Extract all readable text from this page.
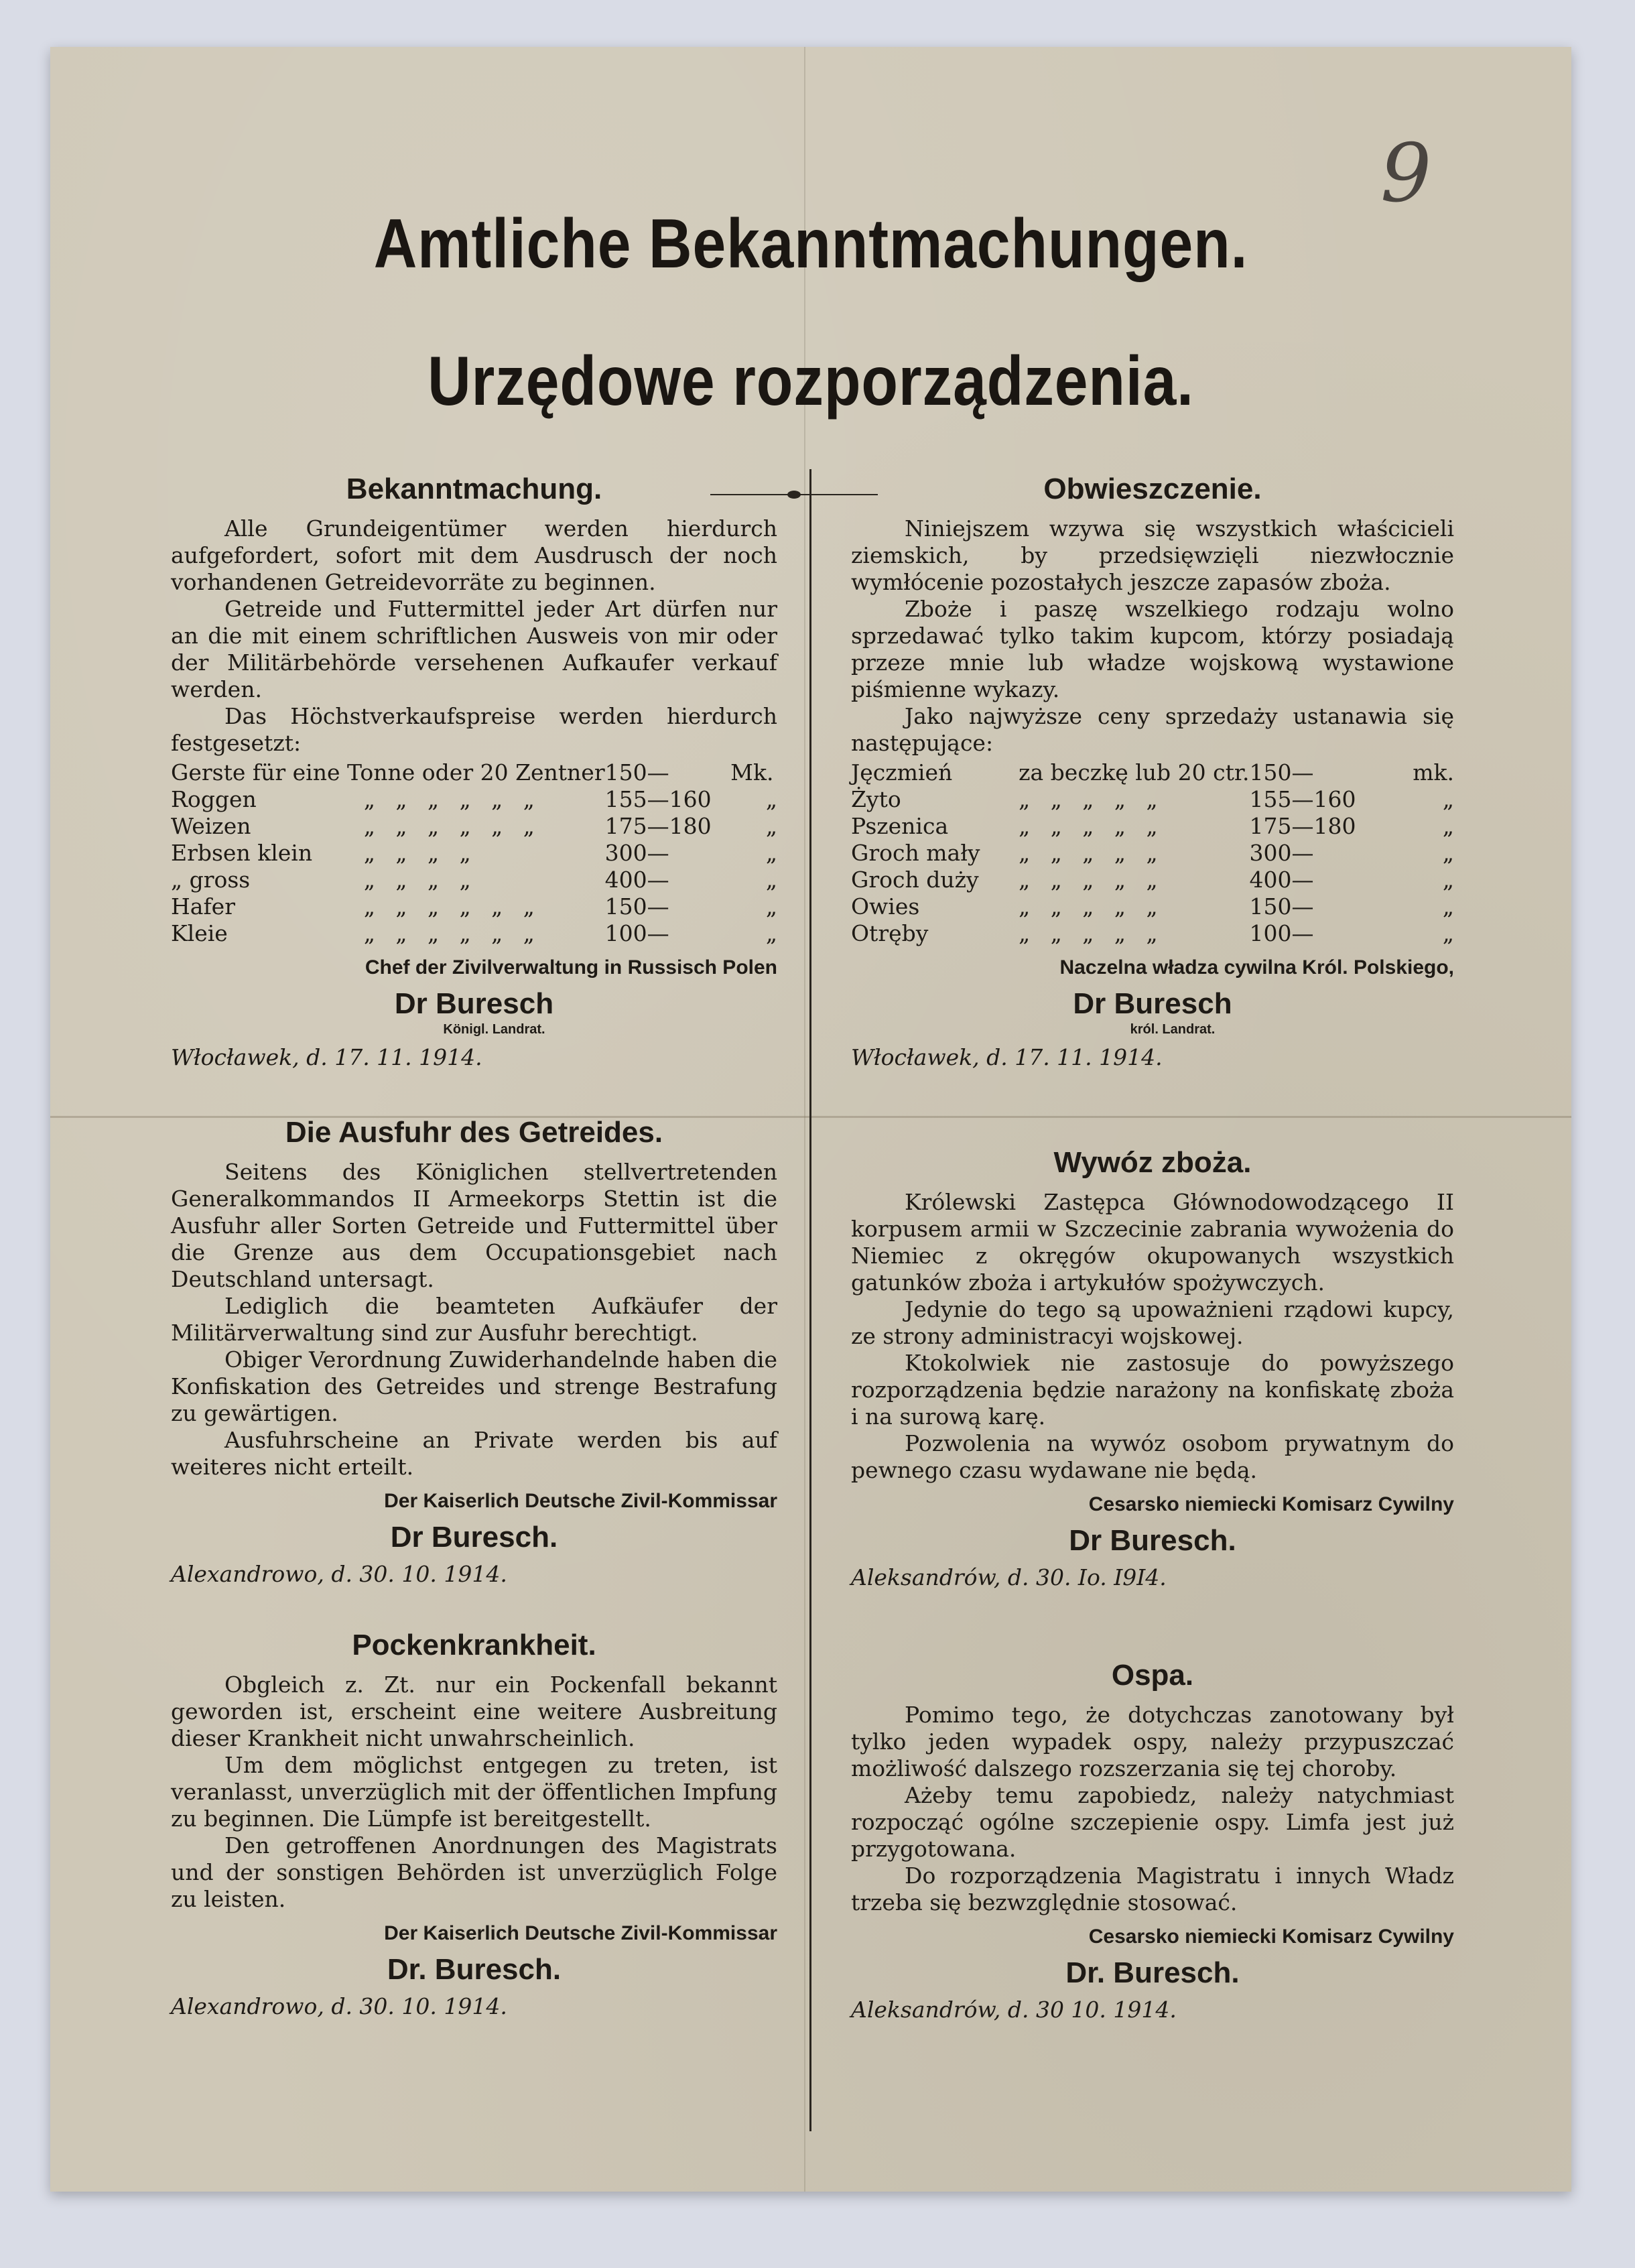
9
Amtliche Bekanntmachungen.
Urzędowe rozporządzenia.
Bekanntmachung.
Alle Grundeigentümer werden hierdurch aufgefordert, sofort mit dem Ausdrusch der noch vorhandenen Getreidevorräte zu beginnen.
Getreide und Futtermittel jeder Art dürfen nur an die mit einem schriftlichen Ausweis von mir oder der Militärbehörde versehenen Aufkaufer verkauf werden.
Das Höchstverkaufspreise werden hierdurch festgesetzt:
Gerste für eine Tonne oder 20 Zentner		150—	Mk.
Roggen	„ „ „ „ „ „	155—160	„
Weizen	„ „ „ „ „ „	175—180	„
Erbsen klein	„ „ „ „	300—	„
„ gross	„ „ „ „	400—	„
Hafer	„ „ „ „ „ „	150—	„
Kleie	„ „ „ „ „ „	100—	„
Chef der Zivilverwaltung in Russisch Polen
Dr Buresch
Königl. Landrat.
Włocławek, d. 17. 11. 1914.
Die Ausfuhr des Getreides.
Seitens des Königlichen stellvertretenden Generalkommandos II Armeekorps Stettin ist die Ausfuhr aller Sorten Getreide und Futtermittel über die Grenze aus dem Occupationsgebiet nach Deutschland untersagt.
Lediglich die beamteten Aufkäufer der Militärverwaltung sind zur Ausfuhr berechtigt.
Obiger Verordnung Zuwiderhandelnde haben die Konfiskation des Getreides und strenge Bestrafung zu gewärtigen.
Ausfuhrscheine an Private werden bis auf weiteres nicht erteilt.
Der Kaiserlich Deutsche Zivil-Kommissar
Dr Buresch.
Alexandrowo, d. 30. 10. 1914.
Pockenkrankheit.
Obgleich z. Zt. nur ein Pockenfall bekannt geworden ist, erscheint eine weitere Ausbreitung dieser Krankheit nicht unwahrscheinlich.
Um dem möglichst entgegen zu treten, ist veranlasst, unverzüglich mit der öffentlichen Impfung zu beginnen. Die Lümpfe ist bereitgestellt.
Den getroffenen Anordnungen des Magistrats und der sonstigen Behörden ist unverzüglich Folge zu leisten.
Der Kaiserlich Deutsche Zivil-Kommissar
Dr. Buresch.
Alexandrowo, d. 30. 10. 1914.
Obwieszczenie.
Niniejszem wzywa się wszystkich właścicieli ziemskich, by przedsięwzięli niezwłocznie wymłócenie pozostałych jeszcze zapasów zboża.
Zboże i paszę wszelkiego rodzaju wolno sprzedawać tylko takim kupcom, którzy posiadają przeze mnie lub władze wojskową wystawione piśmienne wykazy.
Jako najwyższe ceny sprzedaży ustanawia się następujące:
Jęczmień	za beczkę lub 20 ctr.	150—	mk.
Żyto	„ „ „ „ „	155—160	„
Pszenica	„ „ „ „ „	175—180	„
Groch mały	„ „ „ „ „	300—	„
Groch duży	„ „ „ „ „	400—	„
Owies	„ „ „ „ „	150—	„
Otręby	„ „ „ „ „	100—	„
Naczelna władza cywilna Król. Polskiego,
Dr Buresch
król. Landrat.
Włocławek, d. 17. 11. 1914.
Wywóz zboża.
Królewski Zastępca Głównodowodzącego II korpusem armii w Szczecinie zabrania wywożenia do Niemiec z okręgów okupowanych wszystkich gatunków zboża i artykułów spożywczych.
Jedynie do tego są upoważnieni rządowi kupcy, ze strony administracyi wojskowej.
Ktokolwiek nie zastosuje do powyższego rozporządzenia będzie narażony na konfiskatę zboża i na surową karę.
Pozwolenia na wywóz osobom prywatnym do pewnego czasu wydawane nie będą.
Cesarsko niemiecki Komisarz Cywilny
Dr Buresch.
Aleksandrów, d. 30. Io. I9I4.
Ospa.
Pomimo tego, że dotychczas zanotowany był tylko jeden wypadek ospy, należy przypuszczać możliwość dalszego rozszerzania się tej choroby.
Ażeby temu zapobiedz, należy natychmiast rozpocząć ogólne szczepienie ospy. Limfa jest już przygotowana.
Do rozporządzenia Magistratu i innych Władz trzeba się bezwzględnie stosować.
Cesarsko niemiecki Komisarz Cywilny
Dr. Buresch.
Aleksandrów, d. 30 10. 1914.
